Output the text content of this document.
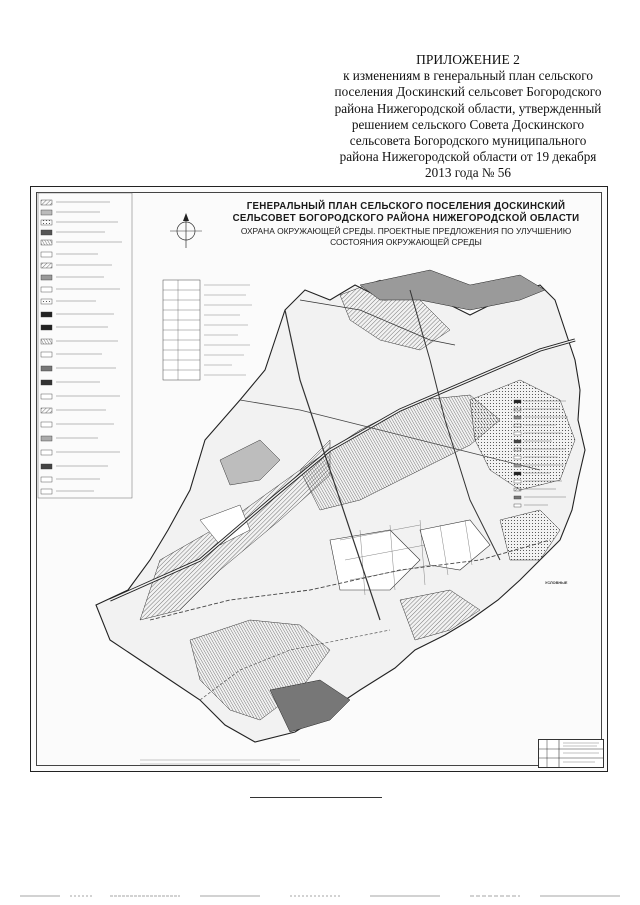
ПРИЛОЖЕНИЕ 2
к изменениям в генеральный план сельского
поселения Доскинский сельсовет Богородского
района Нижегородской области, утвержденный
решением сельского Совета Доскинского
сельсовета Богородского муниципального
района Нижегородской области от 19 декабря
2013 года № 56
ГЕНЕРАЛЬНЫЙ ПЛАН СЕЛЬСКОГО ПОСЕЛЕНИЯ ДОСКИНСКИЙ
СЕЛЬСОВЕТ БОГОРОДСКОГО РАЙОНА НИЖЕГОРОДСКОЙ ОБЛАСТИ
ОХРАНА ОКРУЖАЮЩЕЙ СРЕДЫ. ПРОЕКТНЫЕ ПРЕДЛОЖЕНИЯ ПО УЛУЧШЕНИЮ
СОСТОЯНИЯ ОКРУЖАЮЩЕЙ СРЕДЫ
УСЛОВНЫЕ
